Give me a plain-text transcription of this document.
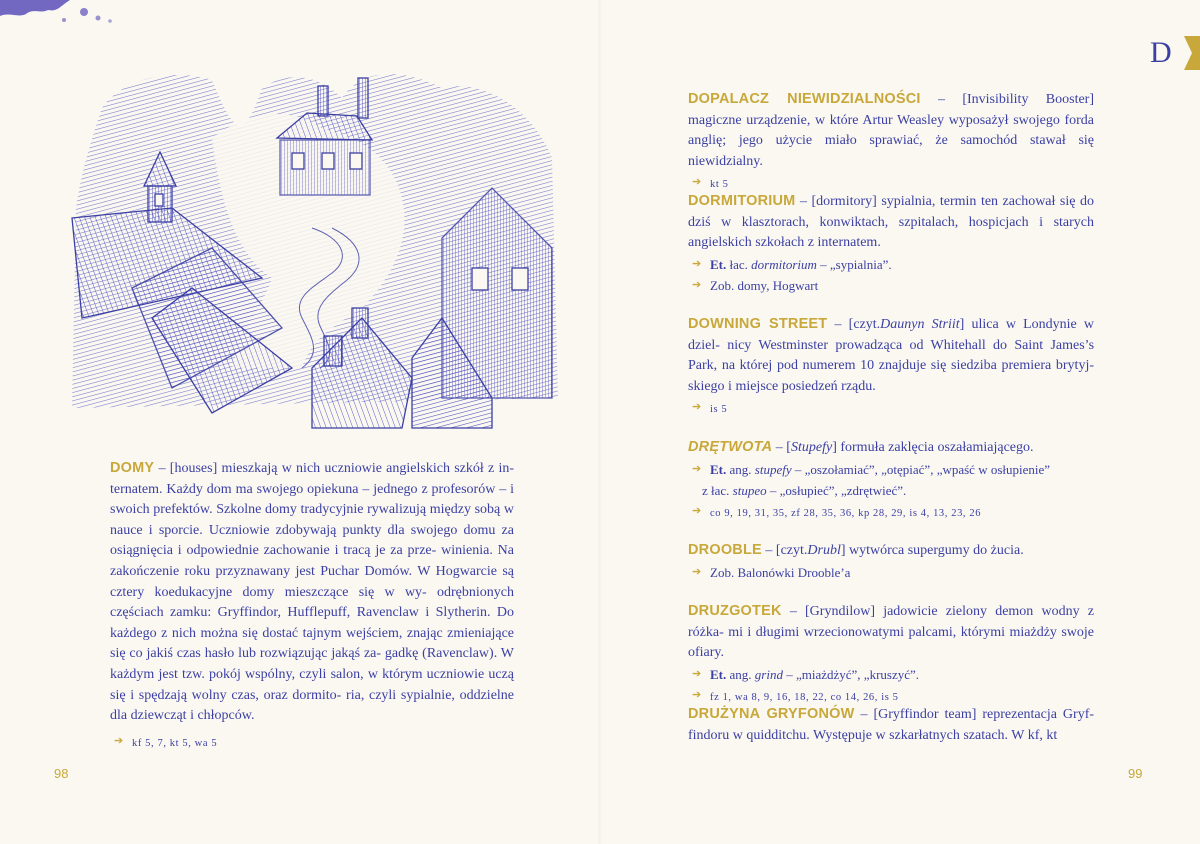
D

DOMY – [houses] mieszkają w nich uczniowie angielskich szkół z in- ternatem. Każdy dom ma swojego opiekuna – jednego z profesorów – i swoich prefektów. Szkolne domy tradycyjnie rywalizują między sobą w nauce i sporcie. Uczniowie zdobywają punkty dla swojego domu za osiągnięcia i odpowiednie zachowanie i tracą je za prze- winienia. Na zakończenie roku przyznawany jest Puchar Domów. W Hogwarcie są cztery koedukacyjne domy mieszczące się w wy- odrębnionych częściach zamku: Gryffindor, Hufflepuff, Ravenclaw i Slytherin. Do każdego z nich można się dostać tajnym wejściem, znając zmieniające się co jakiś czas hasło lub rozwiązując jakąś za- gadkę (Ravenclaw). W każdym jest tzw. pokój wspólny, czyli salon, w którym uczniowie uczą się i spędzają wolny czas, oraz dormito- ria, czyli sypialnie, oddzielne dla dziewcząt i chłopców.

➔ kf 5, 7, kt 5, wa 5

98	99

DOPALACZ NIEWIDZIALNOŚCI – [Invisibility Booster] magiczne urządzenie, w które Artur Weasley wyposażył swojego forda anglię; jego użycie miało sprawiać, że samochód stawał się niewidzialny.

➔ kt 5

DORMITORIUM – [dormitory] sypialnia, termin ten zachował się do dziś w klasztorach, konwiktach, szpitalach, hospicjach i starych angielskich szkołach z internatem.

➔ Et. łac. dormitorium – „sypialnia”.

➔ Zob. domy, Hogwart

DOWNING STREET – [czyt.Daunyn Striit] ulica w Londynie w dziel- nicy Westminster prowadząca od Whitehall do Saint James’s Park, na której pod numerem 10 znajduje się siedziba premiera brytyj- skiego i miejsce posiedzeń rządu.

➔ is 5

DRĘTWOTA – [Stupefy] formuła zaklęcia oszałamiającego.

➔ Et. ang. stupefy – „oszołamiać”, „otępiać”, „wpaść w osłupienie”

z łac. stupeo – „osłupieć”, „zdrętwieć”.

➔ co 9, 19, 31, 35, zf 28, 35, 36, kp 28, 29, is 4, 13, 23, 26

DROOBLE – [czyt.Drubl] wytwórca supergumy do żucia.

➔ Zob. Balonówki Drooble’a

DRUZGOTEK – [Gryndilow] jadowicie zielony demon wodny z różka- mi i długimi wrzecionowatymi palcami, którymi miażdży swoje ofiary.

➔ Et. ang. grind – „miażdżyć”, „kruszyć”.

➔ fz 1, wa 8, 9, 16, 18, 22, co 14, 26, is 5

DRUŻYNA GRYFONÓW – [Gryffindor team] reprezentacja Gryf- findoru w quidditchu. Występuje w szkarłatnych szatach. W kf, kt
